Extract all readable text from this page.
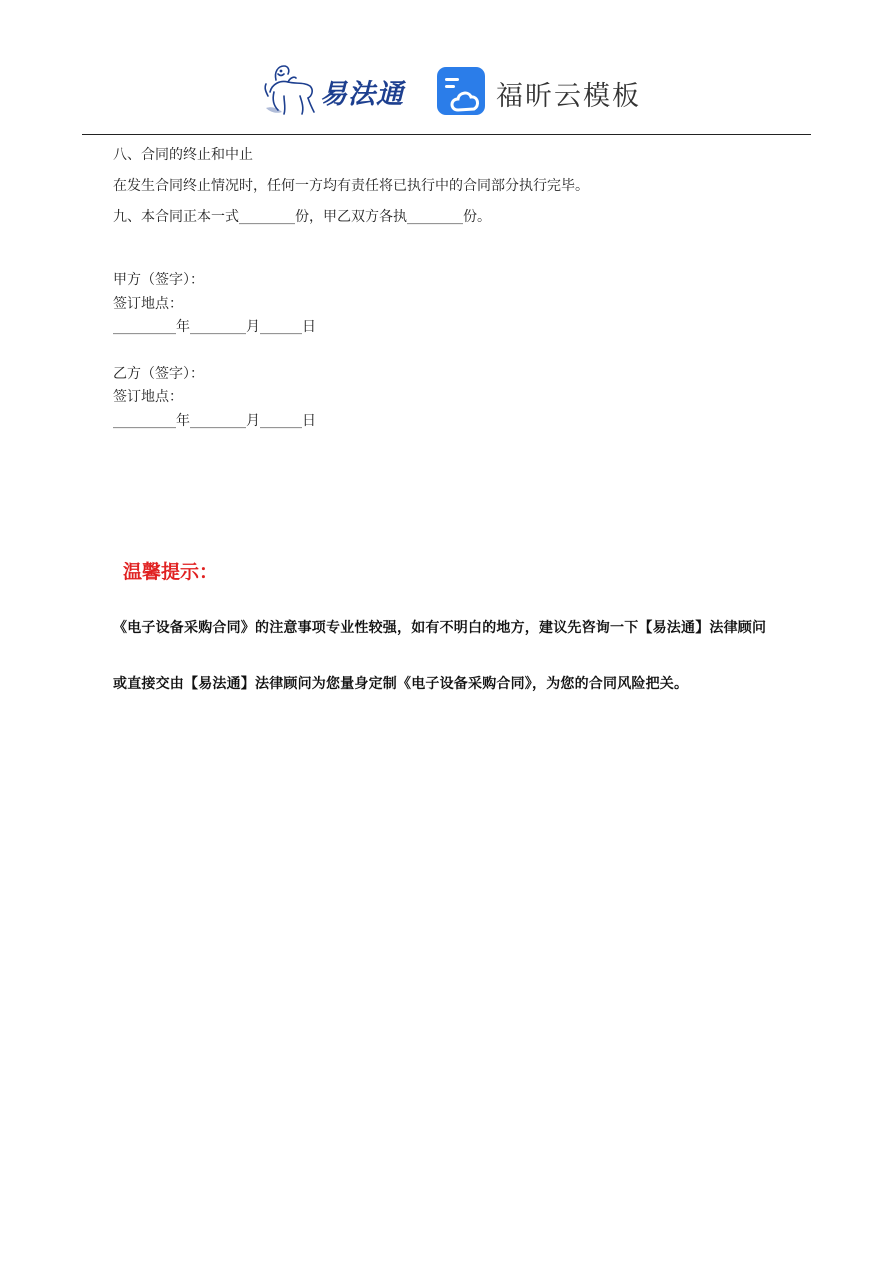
易法通	福昕云模板
八、合同的终止和中止
在发生合同终止情况时，任何一方均有责任将已执行中的合同部分执行完毕。
九、本合同正本一式________份，甲乙双方各执________份。
甲方（签字）：
签订地点：
_________年________月______日
乙方（签字）：
签订地点：
_________年________月______日
温馨提示：
《电子设备采购合同》的注意事项专业性较强，如有不明白的地方，建议先咨询一下【易法通】法律顾问
或直接交由【易法通】法律顾问为您量身定制《电子设备采购合同》，为您的合同风险把关。
